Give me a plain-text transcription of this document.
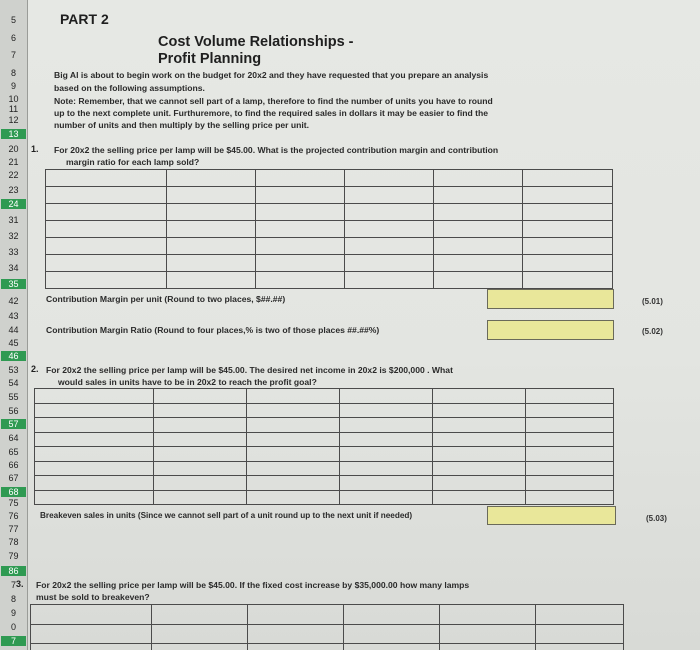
5
6
7
8
9
10
11
12
13
20
21
22
23
24
31
32
33
34
35
42
43
44
45
46
53
54
55
56
57
64
65
66
67
68
75
76
77
78
79
86
7
8
9
0
7
PART 2
Cost Volume Relationships -
Profit Planning
Big Al is about to begin work on the budget for 20x2 and they have requested that you prepare an analysis
based on the following assumptions.
Note: Remember, that we cannot sell part of a lamp, therefore to find the number of units you have to round
up to the next complete unit. Furthuremore, to find the required sales in dollars it may be easier to find the
number of units and then multiply by the selling price per unit.
1. For 20x2 the selling price per lamp will be $45.00. What is the projected contribution margin and contribution
margin ratio for each lamp sold?

Contribution Margin per unit (Round to two places, $##.##)	(5.01)
Contribution Margin Ratio (Round to four places,% is two of those places ##.##%)	(5.02)
2. For 20x2 the selling price per lamp will be $45.00. The desired net income in 20x2 is $200,000 . What
would sales in units have to be in 20x2 to reach the profit goal?

Breakeven sales in units (Since we cannot sell part of a unit round up to the next unit if needed)	(5.03)
3. For 20x2 the selling price per lamp will be $45.00. If the fixed cost increase by $35,000.00 how many lamps
must be sold to breakeven?
